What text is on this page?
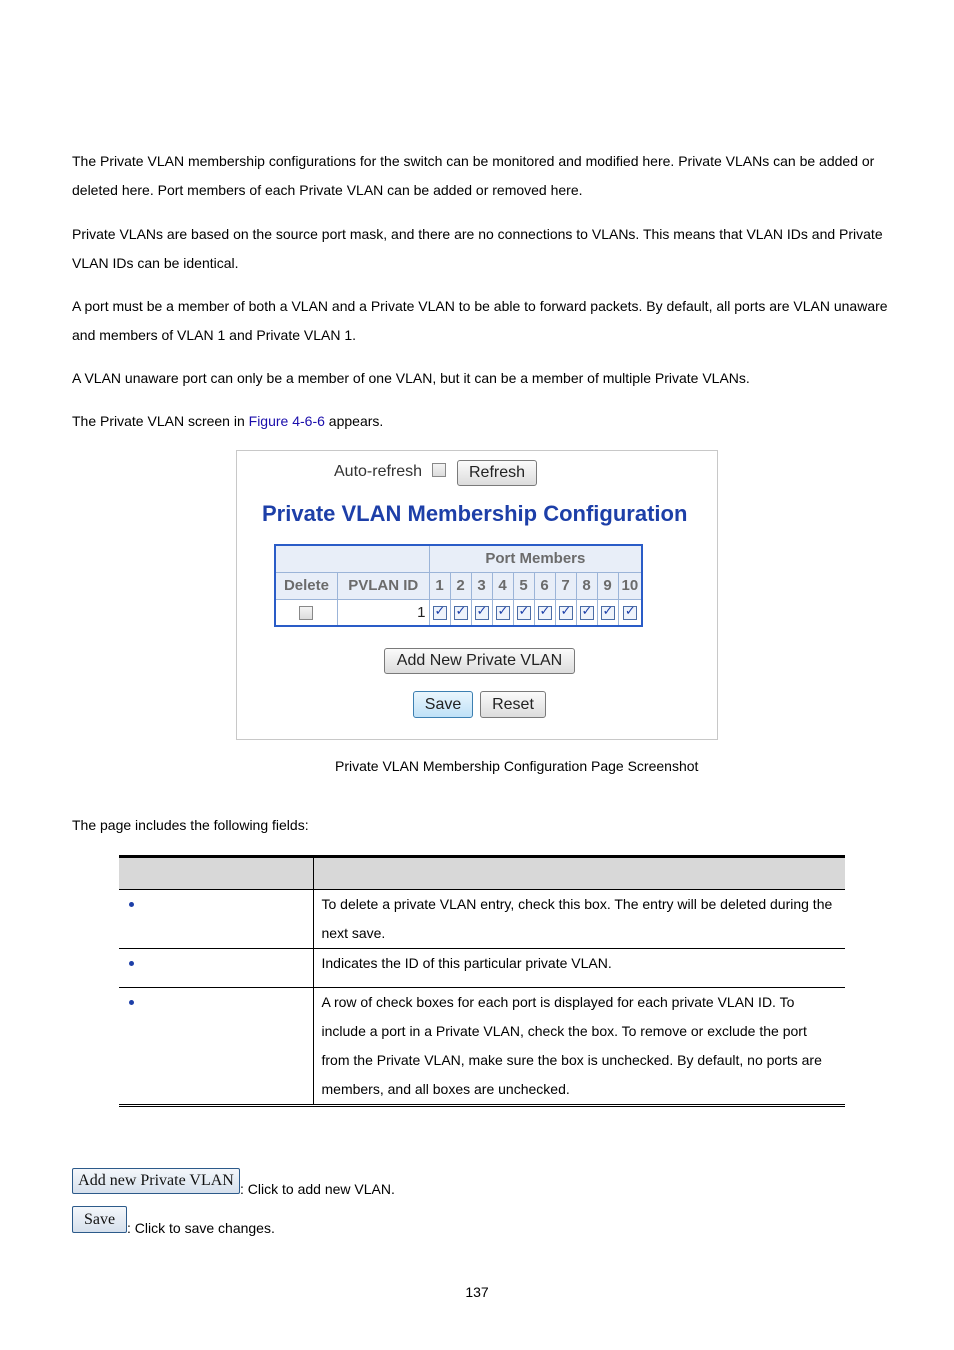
The Private VLAN membership configurations for the switch can be monitored and modified here. Private VLANs can be added or deleted here. Port members of each Private VLAN can be added or removed here.

Private VLANs are based on the source port mask, and there are no connections to VLANs. This means that VLAN IDs and Private VLAN IDs can be identical.

A port must be a member of both a VLAN and a Private VLAN to be able to forward packets. By default, all ports are VLAN unaware and members of VLAN 1 and Private VLAN 1.

A VLAN unaware port can only be a member of one VLAN, but it can be a member of multiple Private VLANs.

The Private VLAN screen in Figure 4-6-6 appears.

Auto-refresh	Refresh
Private VLAN Membership Configuration
		Port Members									
Delete	PVLAN ID	1	2	3	4	5	6	7	8	9	10
	1	✓	✓	✓	✓	✓	✓	✓	✓	✓	✓
Add New Private VLAN
Save	Reset
Private VLAN Membership Configuration Page Screenshot

The page includes the following fields:

	To delete a private VLAN entry, check this box. The entry will be deleted during the next save.
	Indicates the ID of this particular private VLAN.
	A row of check boxes for each port is displayed for each private VLAN ID. To include a port in a Private VLAN, check the box. To remove or exclude the port from the Private VLAN, make sure the box is unchecked. By default, no ports are members, and all boxes are unchecked.
Add new Private VLAN : Click to add new VLAN.
Save : Click to save changes.
137
